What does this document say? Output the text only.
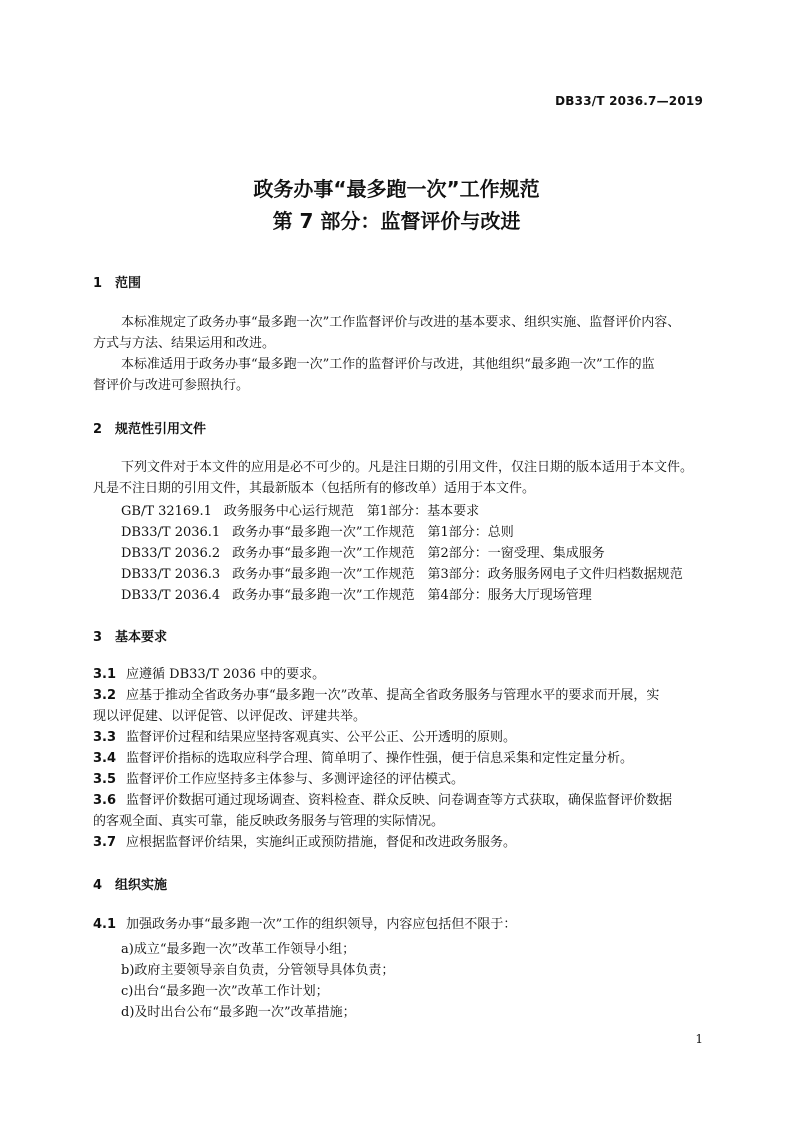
DB33/T 2036.7—2019
政务办事“最多跑一次”工作规范
第 7 部分：监督评价与改进
1 范围

本标准规定了政务办事“最多跑一次”工作监督评价与改进的基本要求、组织实施、监督评价内容、

方式与方法、结果运用和改进。

本标准适用于政务办事“最多跑一次”工作的监督评价与改进，其他组织“最多跑一次”工作的监

督评价与改进可参照执行。

2 规范性引用文件

下列文件对于本文件的应用是必不可少的。凡是注日期的引用文件，仅注日期的版本适用于本文件。

凡是不注日期的引用文件，其最新版本（包括所有的修改单）适用于本文件。

GB/T 32169.1 政务服务中心运行规范　第1部分：基本要求
DB33/T 2036.1 政务办事“最多跑一次”工作规范　第1部分：总则
DB33/T 2036.2 政务办事“最多跑一次”工作规范　第2部分：一窗受理、集成服务
DB33/T 2036.3 政务办事“最多跑一次”工作规范　第3部分：政务服务网电子文件归档数据规范
DB33/T 2036.4 政务办事“最多跑一次”工作规范　第4部分：服务大厅现场管理
3 基本要求
3.1 应遵循 DB33/T 2036 中的要求。
3.2 应基于推动全省政务办事“最多跑一次”改革、提高全省政务服务与管理水平的要求而开展，实
现以评促建、以评促管、以评促改、评建共举。
3.3 监督评价过程和结果应坚持客观真实、公平公正、公开透明的原则。
3.4 监督评价指标的选取应科学合理、简单明了、操作性强，便于信息采集和定性定量分析。
3.5 监督评价工作应坚持多主体参与、多测评途径的评估模式。
3.6 监督评价数据可通过现场调查、资料检查、群众反映、问卷调查等方式获取，确保监督评价数据
的客观全面、真实可靠，能反映政务服务与管理的实际情况。
3.7 应根据监督评价结果，实施纠正或预防措施，督促和改进政务服务。
4 组织实施
4.1 加强政务办事“最多跑一次”工作的组织领导，内容应包括但不限于：
a)成立“最多跑一次”改革工作领导小组；
b)政府主要领导亲自负责，分管领导具体负责；
c)出台“最多跑一次”改革工作计划；
d)及时出台公布“最多跑一次”改革措施；
1
